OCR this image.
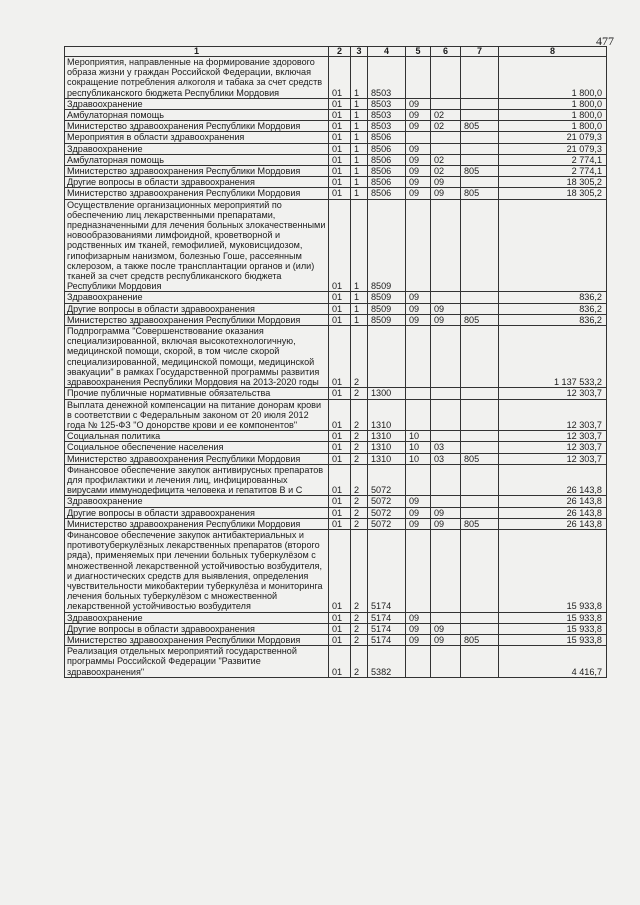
477
1	2	3	4	5	6	7	8
Мероприятия, направленные на формирование здорового образа жизни у граждан Российской Федерации, включая сокращение потребления алкоголя и табака за счет средств республиканского бюджета Республики Мордовия	01	1	8503				1 800,0
Здравоохранение	01	1	8503	09			1 800,0
Амбулаторная помощь	01	1	8503	09	02		1 800,0
Министерство здравоохранения Республики Мордовия	01	1	8503	09	02	805	1 800,0
Мероприятия в области здравоохранения	01	1	8506				21 079,3
Здравоохранение	01	1	8506	09			21 079,3
Амбулаторная помощь	01	1	8506	09	02		2 774,1
Министерство здравоохранения Республики Мордовия	01	1	8506	09	02	805	2 774,1
Другие вопросы в области здравоохранения	01	1	8506	09	09		18 305,2
Министерство здравоохранения Республики Мордовия	01	1	8506	09	09	805	18 305,2
Осуществление организационных мероприятий по обеспечению лиц лекарственными препаратами, предназначенными для лечения больных злокачественными новообразованиями лимфоидной, кроветворной и родственных им тканей, гемофилией, муковисцидозом, гипофизарным нанизмом, болезнью Гоше, рассеянным склерозом, а также после трансплантации органов и (или) тканей за счет средств республиканского бюджета Республики Мордовия	01	1	8509				
Здравоохранение	01	1	8509	09			836,2
Другие вопросы в области здравоохранения	01	1	8509	09	09		836,2
Министерство здравоохранения Республики Мордовия	01	1	8509	09	09	805	836,2
Подпрограмма "Совершенствование оказания специализированной, включая высокотехнологичную, медицинской помощи, скорой, в том числе скорой специализированной, медицинской помощи, медицинской эвакуации" в рамках Государственной программы развития здравоохранения Республики Мордовия на 2013-2020 годы	01	2					1 137 533,2
Прочие публичные нормативные обязательства	01	2	1300				12 303,7
Выплата денежной компенсации на питание донорам крови в соответствии с Федеральным законом от 20 июля 2012 года № 125-ФЗ "О донорстве крови и ее компонентов"	01	2	1310				12 303,7
Социальная политика	01	2	1310	10			12 303,7
Социальное обеспечение населения	01	2	1310	10	03		12 303,7
Министерство здравоохранения Республики Мордовия	01	2	1310	10	03	805	12 303,7
Финансовое обеспечение закупок антивирусных препаратов для профилактики и лечения лиц, инфицированных вирусами иммунодефицита человека и гепатитов В и С	01	2	5072				26 143,8
Здравоохранение	01	2	5072	09			26 143,8
Другие вопросы в области здравоохранения	01	2	5072	09	09		26 143,8
Министерство здравоохранения Республики Мордовия	01	2	5072	09	09	805	26 143,8
Финансовое обеспечение закупок антибактериальных и противотуберкулёзных лекарственных препаратов (второго ряда), применяемых при лечении больных туберкулёзом с множественной лекарственной устойчивостью возбудителя, и диагностических средств для выявления, определения чувствительности микобактерии туберкулёза и мониторинга лечения больных туберкулёзом с множественной лекарственной устойчивостью возбудителя	01	2	5174				15 933,8
Здравоохранение	01	2	5174	09			15 933,8
Другие вопросы в области здравоохранения	01	2	5174	09	09		15 933,8
Министерство здравоохранения Республики Мордовия	01	2	5174	09	09	805	15 933,8
Реализация отдельных мероприятий государственной программы Российской Федерации "Развитие здравоохранения"	01	2	5382				4 416,7
